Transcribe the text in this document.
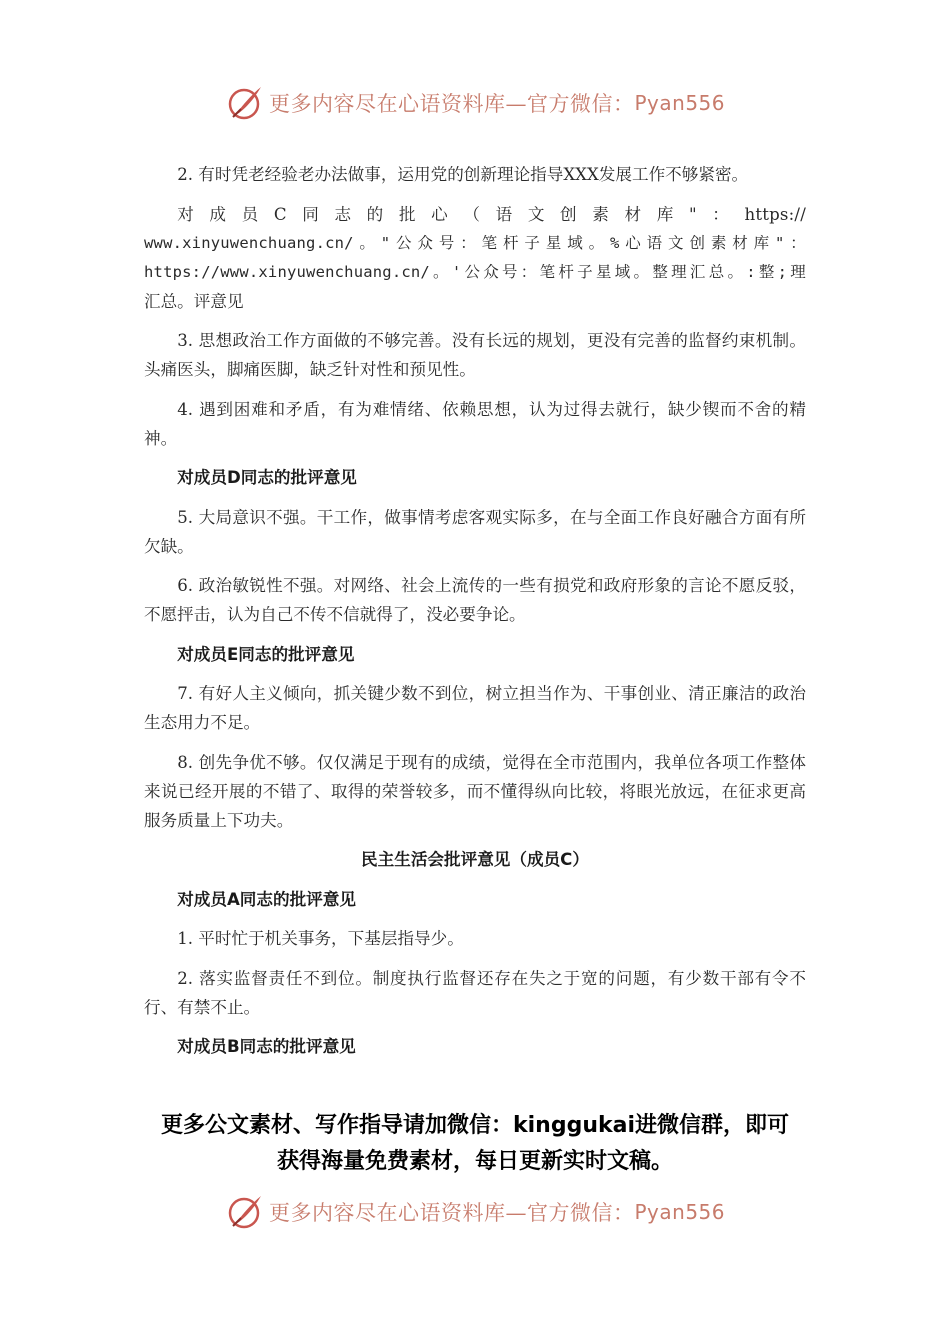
更多内容尽在心语资料库—官方微信： Pyan556

2. 有时凭老经验老办法做事，运用党的创新理论指导XXX发展工作不够紧密。

对成员C同志的批心（语文创素材库"：https://

www.xinyuwenchuang.cn/。"公众号：笔杆子星域。%心语文创素材库"：

https://www.xinyuwenchuang.cn/。'公众号：笔杆子星域。整理汇总。:整;理

汇总。评意见

3. 思想政治工作方面做的不够完善。没有长远的规划，更没有完善的监督约束机制。头痛医头，脚痛医脚，缺乏针对性和预见性。

4. 遇到困难和矛盾，有为难情绪、依赖思想，认为过得去就行，缺少锲而不舍的精神。

对成员D同志的批评意见

5. 大局意识不强。干工作，做事情考虑客观实际多，在与全面工作良好融合方面有所欠缺。

6. 政治敏锐性不强。对网络、社会上流传的一些有损党和政府形象的言论不愿反驳，不愿抨击，认为自己不传不信就得了，没必要争论。

对成员E同志的批评意见

7. 有好人主义倾向，抓关键少数不到位，树立担当作为、干事创业、清正廉洁的政治生态用力不足。

8. 创先争优不够。仅仅满足于现有的成绩，觉得在全市范围内，我单位各项工作整体来说已经开展的不错了、取得的荣誉较多，而不懂得纵向比较，将眼光放远，在征求更高服务质量上下功夫。

民主生活会批评意见（成员C）

对成员A同志的批评意见

1. 平时忙于机关事务，下基层指导少。

2. 落实监督责任不到位。制度执行监督还存在失之于宽的问题，有少数干部有令不行、有禁不止。

对成员B同志的批评意见

更多公文素材、写作指导请加微信：kinggukai进微信群，即可
获得海量免费素材，每日更新实时文稿。
更多内容尽在心语资料库—官方微信： Pyan556
